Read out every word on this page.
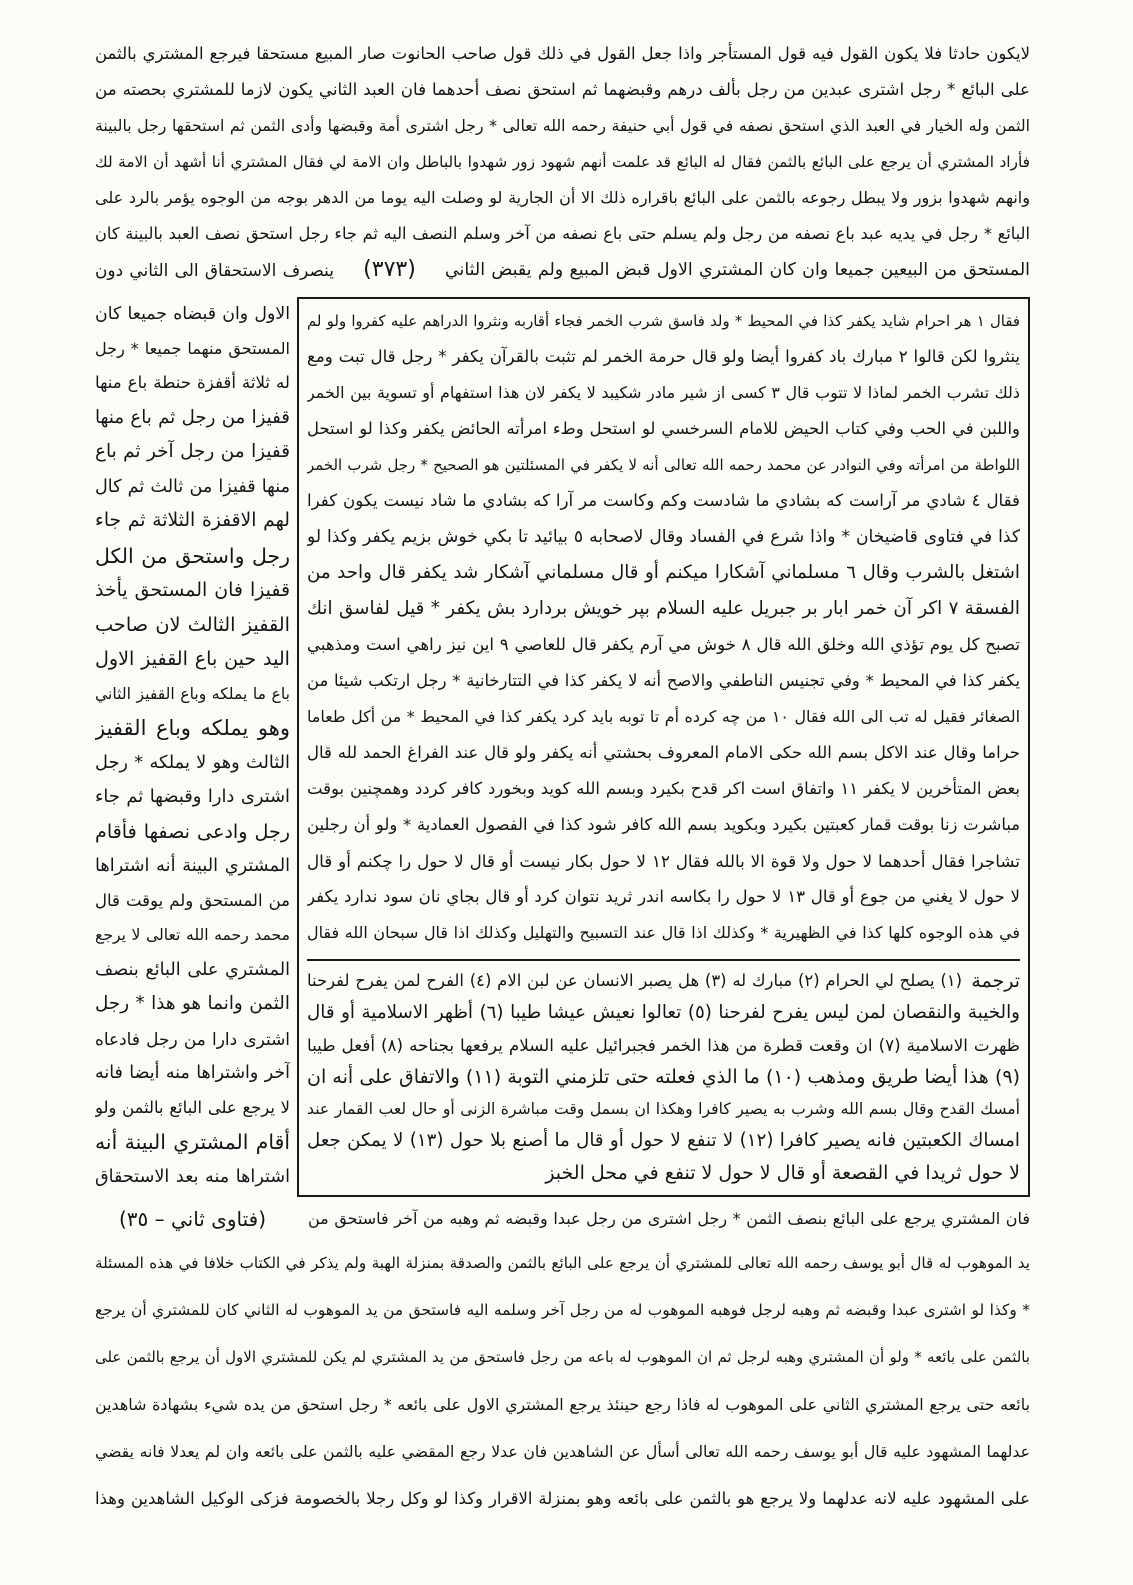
لايكون حادثا فلا يكون القول فيه قول المستأجر واذا جعل القول في ذلك قول صاحب الحانوت صار المبيع مستحقا فيرجع المشتري بالثمن
على البائع * رجل اشترى عبدين من رجل بألف درهم وقبضهما ثم استحق نصف أحدهما فان العبد الثاني يكون لازما للمشتري بحصته من
الثمن وله الخيار في العبد الذي استحق نصفه في قول أبي حنيفة رحمه الله تعالى * رجل اشترى أمة وقبضها وأدى الثمن ثم استحقها رجل بالبينة
فأراد المشتري أن يرجع على البائع بالثمن فقال له البائع قد علمت أنهم شهود زور شهدوا بالباطل وان الامة لي فقال المشتري أنا أشهد أن الامة لك
وانهم شهدوا بزور ولا يبطل رجوعه بالثمن على البائع باقراره ذلك الا أن الجارية لو وصلت اليه يوما من الدهر بوجه من الوجوه يؤمر بالرد على
البائع * رجل في يديه عبد باع نصفه من رجل ولم يسلم حتى باع نصفه من آخر وسلم النصف اليه ثم جاء رجل استحق نصف العبد بالبينة كان
المستحق من البيعين جميعا وان كان المشتري الاول قبض المبيع ولم يقبض الثاني
(٣٧٣)
ينصرف الاستحقاق الى الثاني دون
الاول وان قبضاه جميعا كان
المستحق منهما جميعا * رجل
له ثلاثة أقفزة حنطة باع منها
قفيزا من رجل ثم باع منها
قفيزا من رجل آخر ثم باع
منها قفيزا من ثالث ثم كال
لهم الاقفزة الثلاثة ثم جاء
رجل واستحق من الكل
قفيزا فان المستحق يأخذ
القفيز الثالث لان صاحب
اليد حين باع القفيز الاول
باع ما يملكه وباع القفيز الثاني
وهو يملكه وباع القفيز
الثالث وهو لا يملكه * رجل
اشترى دارا وقبضها ثم جاء
رجل وادعى نصفها فأقام
المشتري البينة أنه اشتراها
من المستحق ولم يوقت قال
محمد رحمه الله تعالى لا يرجع
المشتري على البائع بنصف
الثمن وانما هو هذا * رجل
اشترى دارا من رجل فادعاه
آخر واشتراها منه أيضا فانه
لا يرجع على البائع بالثمن ولو
أقام المشتري البينة أنه
اشتراها منه بعد الاستحقاق
فقال ١ هر احرام شايد يكفر كذا في المحيط * ولد فاسق شرب الخمر فجاء أقاربه ونثروا الدراهم عليه كفروا ولو لم
ينثروا لكن قالوا ٢ مبارك باد كفروا أيضا ولو قال حرمة الخمر لم تثبت بالقرآن يكفر * رجل قال تبت ومع
ذلك تشرب الخمر لماذا لا تتوب قال ٣ كسى از شير مادر شكيبد لا يكفر لان هذا استفهام أو تسوية بين الخمر
واللبن في الحب وفي كتاب الحيض للامام السرخسي لو استحل وطء امرأته الحائض يكفر وكذا لو استحل
اللواطة من امرأته وفي النوادر عن محمد رحمه الله تعالى أنه لا يكفر في المسئلتين هو الصحيح * رجل شرب الخمر
فقال ٤ شادي مر آراست كه بشادي ما شادست وكم وكاست مر آرا كه بشادي ما شاد نيست يكون كفرا
كذا في فتاوى قاضيخان * واذا شرع في الفساد وقال لاصحابه ٥ بيائيد تا بكي خوش بزيم يكفر وكذا لو
اشتغل بالشرب وقال ٦ مسلماني آشكارا ميكنم أو قال مسلماني آشكار شد يكفر قال واحد من
الفسقة ٧ اكر آن خمر ابار بر جبريل عليه السلام بپر خويش بردارد بش يكفر * قيل لفاسق انك
تصبح كل يوم تؤذي الله وخلق الله قال ٨ خوش مي آرم يكفر قال للعاصي ٩ اين نيز راهي است ومذهبي
يكفر كذا في المحيط * وفي تجنيس الناطفي والاصح أنه لا يكفر كذا في التتارخانية * رجل ارتكب شيئا من
الصغائر فقيل له تب الى الله فقال ١٠ من چه كرده أم تا توبه بايد كرد يكفر كذا في المحيط * من أكل طعاما
حراما وقال عند الاكل بسم الله حكى الامام المعروف بحشتي أنه يكفر ولو قال عند الفراغ الحمد لله قال
بعض المتأخرين لا يكفر ١١ واتفاق است اكر قدح بكيرد وبسم الله كويد وبخورد كافر كردد وهمچنين بوقت
مباشرت زنا بوقت قمار كعبتين بكيرد وبكويد بسم الله كافر شود كذا في الفصول العمادية * ولو أن رجلين
تشاجرا فقال أحدهما لا حول ولا قوة الا بالله فقال ١٢ لا حول بكار نيست أو قال لا حول را چكنم أو قال
لا حول لا يغني من جوع أو قال ١٣ لا حول را بكاسه اندر ثريد نتوان كرد أو قال بجاي نان سود ندارد يكفر
في هذه الوجوه كلها كذا في الظهيرية * وكذلك اذا قال عند التسبيح والتهليل وكذلك اذا قال سبحان الله فقال
ترجمة
(١) يصلح لي الحرام (٢) مبارك له (٣) هل يصبر الانسان عن لبن الام (٤) الفرح لمن يفرح لفرحنا
والخيبة والنقصان لمن ليس يفرح لفرحنا (٥) تعالوا نعيش عيشا طيبا (٦) أظهر الاسلامية أو قال
ظهرت الاسلامية (٧) ان وقعت قطرة من هذا الخمر فجبرائيل عليه السلام يرفعها بجناحه (٨) أفعل طيبا
(٩) هذا أيضا طريق ومذهب (١٠) ما الذي فعلته حتى تلزمني التوبة (١١) والاتفاق على أنه ان
أمسك القدح وقال بسم الله وشرب به يصير كافرا وهكذا ان بسمل وقت مباشرة الزنى أو حال لعب القمار عند
امساك الكعبتين فانه يصير كافرا (١٢) لا تنفع لا حول أو قال ما أصنع بلا حول (١٣) لا يمكن جعل
لا حول ثريدا في القصعة أو قال لا حول لا تنفع في محل الخبز
فان المشتري يرجع على البائع بنصف الثمن * رجل اشترى من رجل عبدا وقبضه ثم وهبه من آخر فاستحق من
(فتاوى ثاني – ٣٥)
يد الموهوب له قال أبو يوسف رحمه الله تعالى للمشتري أن يرجع على البائع بالثمن والصدقة بمنزلة الهبة ولم يذكر في الكتاب خلافا في هذه المسئلة
* وكذا لو اشترى عبدا وقبضه ثم وهبه لرجل فوهبه الموهوب له من رجل آخر وسلمه اليه فاستحق من يد الموهوب له الثاني كان للمشتري أن يرجع
بالثمن على بائعه * ولو أن المشتري وهبه لرجل ثم ان الموهوب له باعه من رجل فاستحق من يد المشتري لم يكن للمشتري الاول أن يرجع بالثمن على
بائعه حتى يرجع المشتري الثاني على الموهوب له فاذا رجع حينئذ يرجع المشتري الاول على بائعه * رجل استحق من يده شيء بشهادة شاهدين
عدلهما المشهود عليه قال أبو يوسف رحمه الله تعالى أسأل عن الشاهدين فان عدلا رجع المقضي عليه بالثمن على بائعه وان لم يعدلا فانه يقضي
على المشهود عليه لانه عدلهما ولا يرجع هو بالثمن على بائعه وهو بمنزلة الاقرار وكذا لو وكل رجلا بالخصومة فزكى الوكيل الشاهدين وهذا
